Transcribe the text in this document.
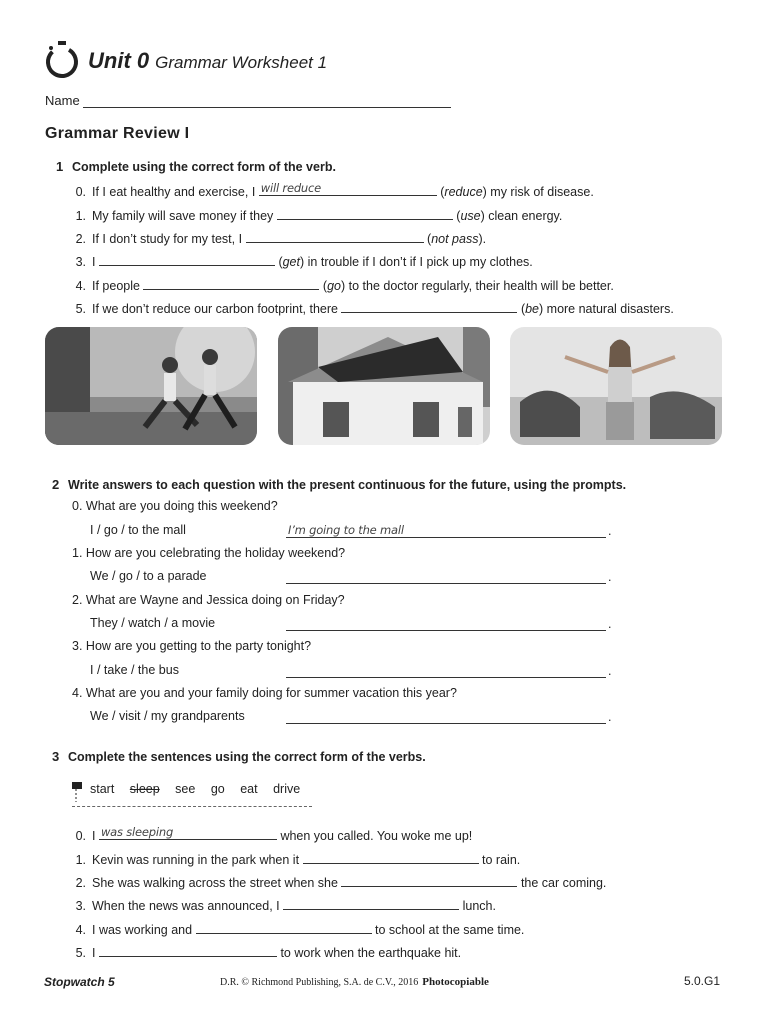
Unit 0 Grammar Worksheet 1
Name
Grammar Review I
1 Complete using the correct form of the verb.
0. If I eat healthy and exercise, I
will reduce	( reduce ) my risk of disease.
1. My family will save money if they
	( use ) clean energy.
2. If I don’t study for my test, I
	( not pass ) .
3. I
	( get ) in trouble if I don’t if I pick up my clothes.
4. If people
	( go ) to the doctor regularly, their health will be better.
5. If we don’t reduce our carbon footprint, there
	( be ) more natural disasters.
2 Write answers to each question with the present continuous for the future, using the prompts.
0. What are you doing this weekend?
I / go / to the mall	I’m going to the mall	.
1. How are you celebrating the holiday weekend?
We / go / to a parade	.
2. What are Wayne and Jessica doing on Friday?
They / watch / a movie	.
3. How are you getting to the party tonight?
I / take / the bus	.
4. What are you and your family doing for summer vacation this year?
We / visit / my grandparents	.
3 Complete the sentences using the correct form of the verbs.
start sleep see go eat drive
0. I
was sleeping
	when you called. You woke me up!
1. Kevin was running in the park when it

	to rain.
2. She was walking across the street when she

	the car coming.
3. When the news was announced, I

	lunch.
4. I was working and

	to school at the same time.
5. I

	to work when the earthquake hit.
Stopwatch 5	D.R. © Richmond Publishing, S.A. de C.V., 2016 Photocopiable	5.0.G1
